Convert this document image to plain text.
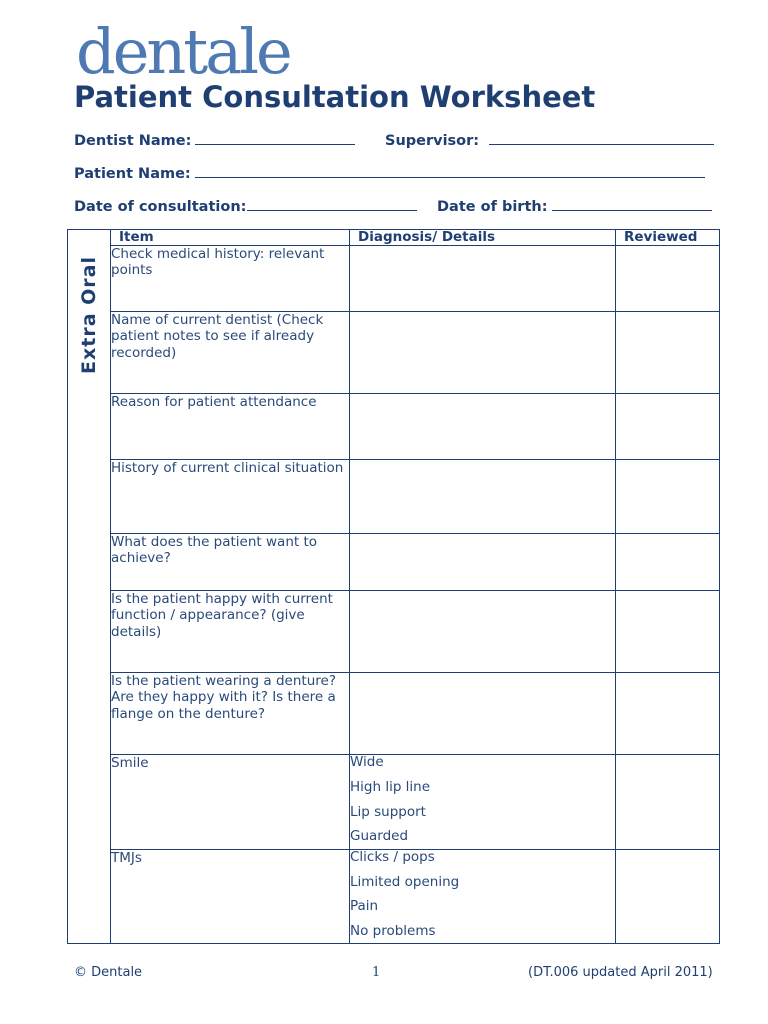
dentale
Patient Consultation Worksheet
Dentist Name:	Supervisor:
Patient Name:
Date of consultation:	Date of birth:
	Item	Diagnosis/ Details	Reviewed

Extra Oral	Check medical history: relevant points		
	Name of current dentist (Check patient notes to see if already recorded)		
	Reason for patient attendance		
	History of current clinical situation		
	What does the patient want to achieve?		
	Is the patient happy with current function / appearance? (give details)		
	Is the patient wearing a denture? Are they happy with it? Is there a flange on the denture?		
	Smile	Wide
High lip line
Lip support
Guarded	

	TMJs	Clicks / pops
Limited opening
Pain
No problems	

© Dentale	1	(DT.006 updated April 2011)
